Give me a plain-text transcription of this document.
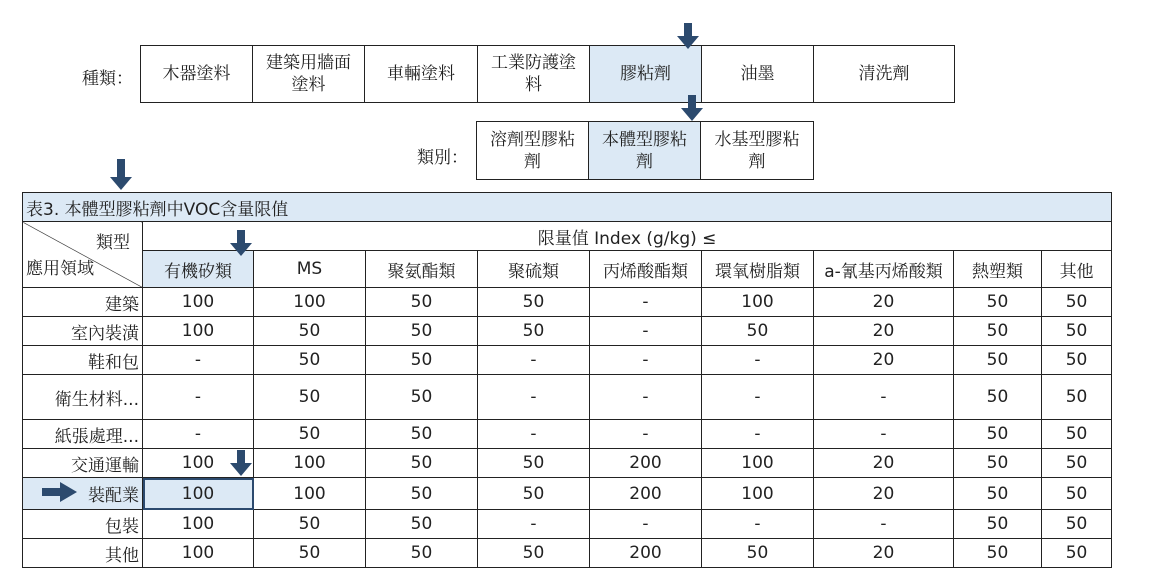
種類：	木器塗料
建築用牆面
塗料
車輛塗料
工業防護塗
料
膠粘劑	油墨	清洗劑
類別：
溶劑型膠粘
劑
本體型膠粘
劑
水基型膠粘
劑
表3. 本體型膠粘劑中VOC含量限值									

類型
應用領域	限量值 Index (g/kg) ≤								
	有機矽類	MS	聚氨酯類	聚硫類	丙烯酸酯類	環氧樹脂類	a-氰基丙烯酸類	熱塑類	其他
建築	100	100	50	50	-	100	20	50	50
室內裝潢	100	50	50	50	-	50	20	50	50
鞋和包	-	50	50	-	-	-	20	50	50
衛生材料...	-	50	50	-	-	-	-	50	50
紙張處理...	-	50	50	-	-	-	-	50	50
交通運輸	100	100	50	50	200	100	20	50	50
裝配業	100	100	50	50	200	100	20	50	50
包裝	100	50	50	-	-	-	-	50	50
其他	100	50	50	50	200	50	20	50	50
